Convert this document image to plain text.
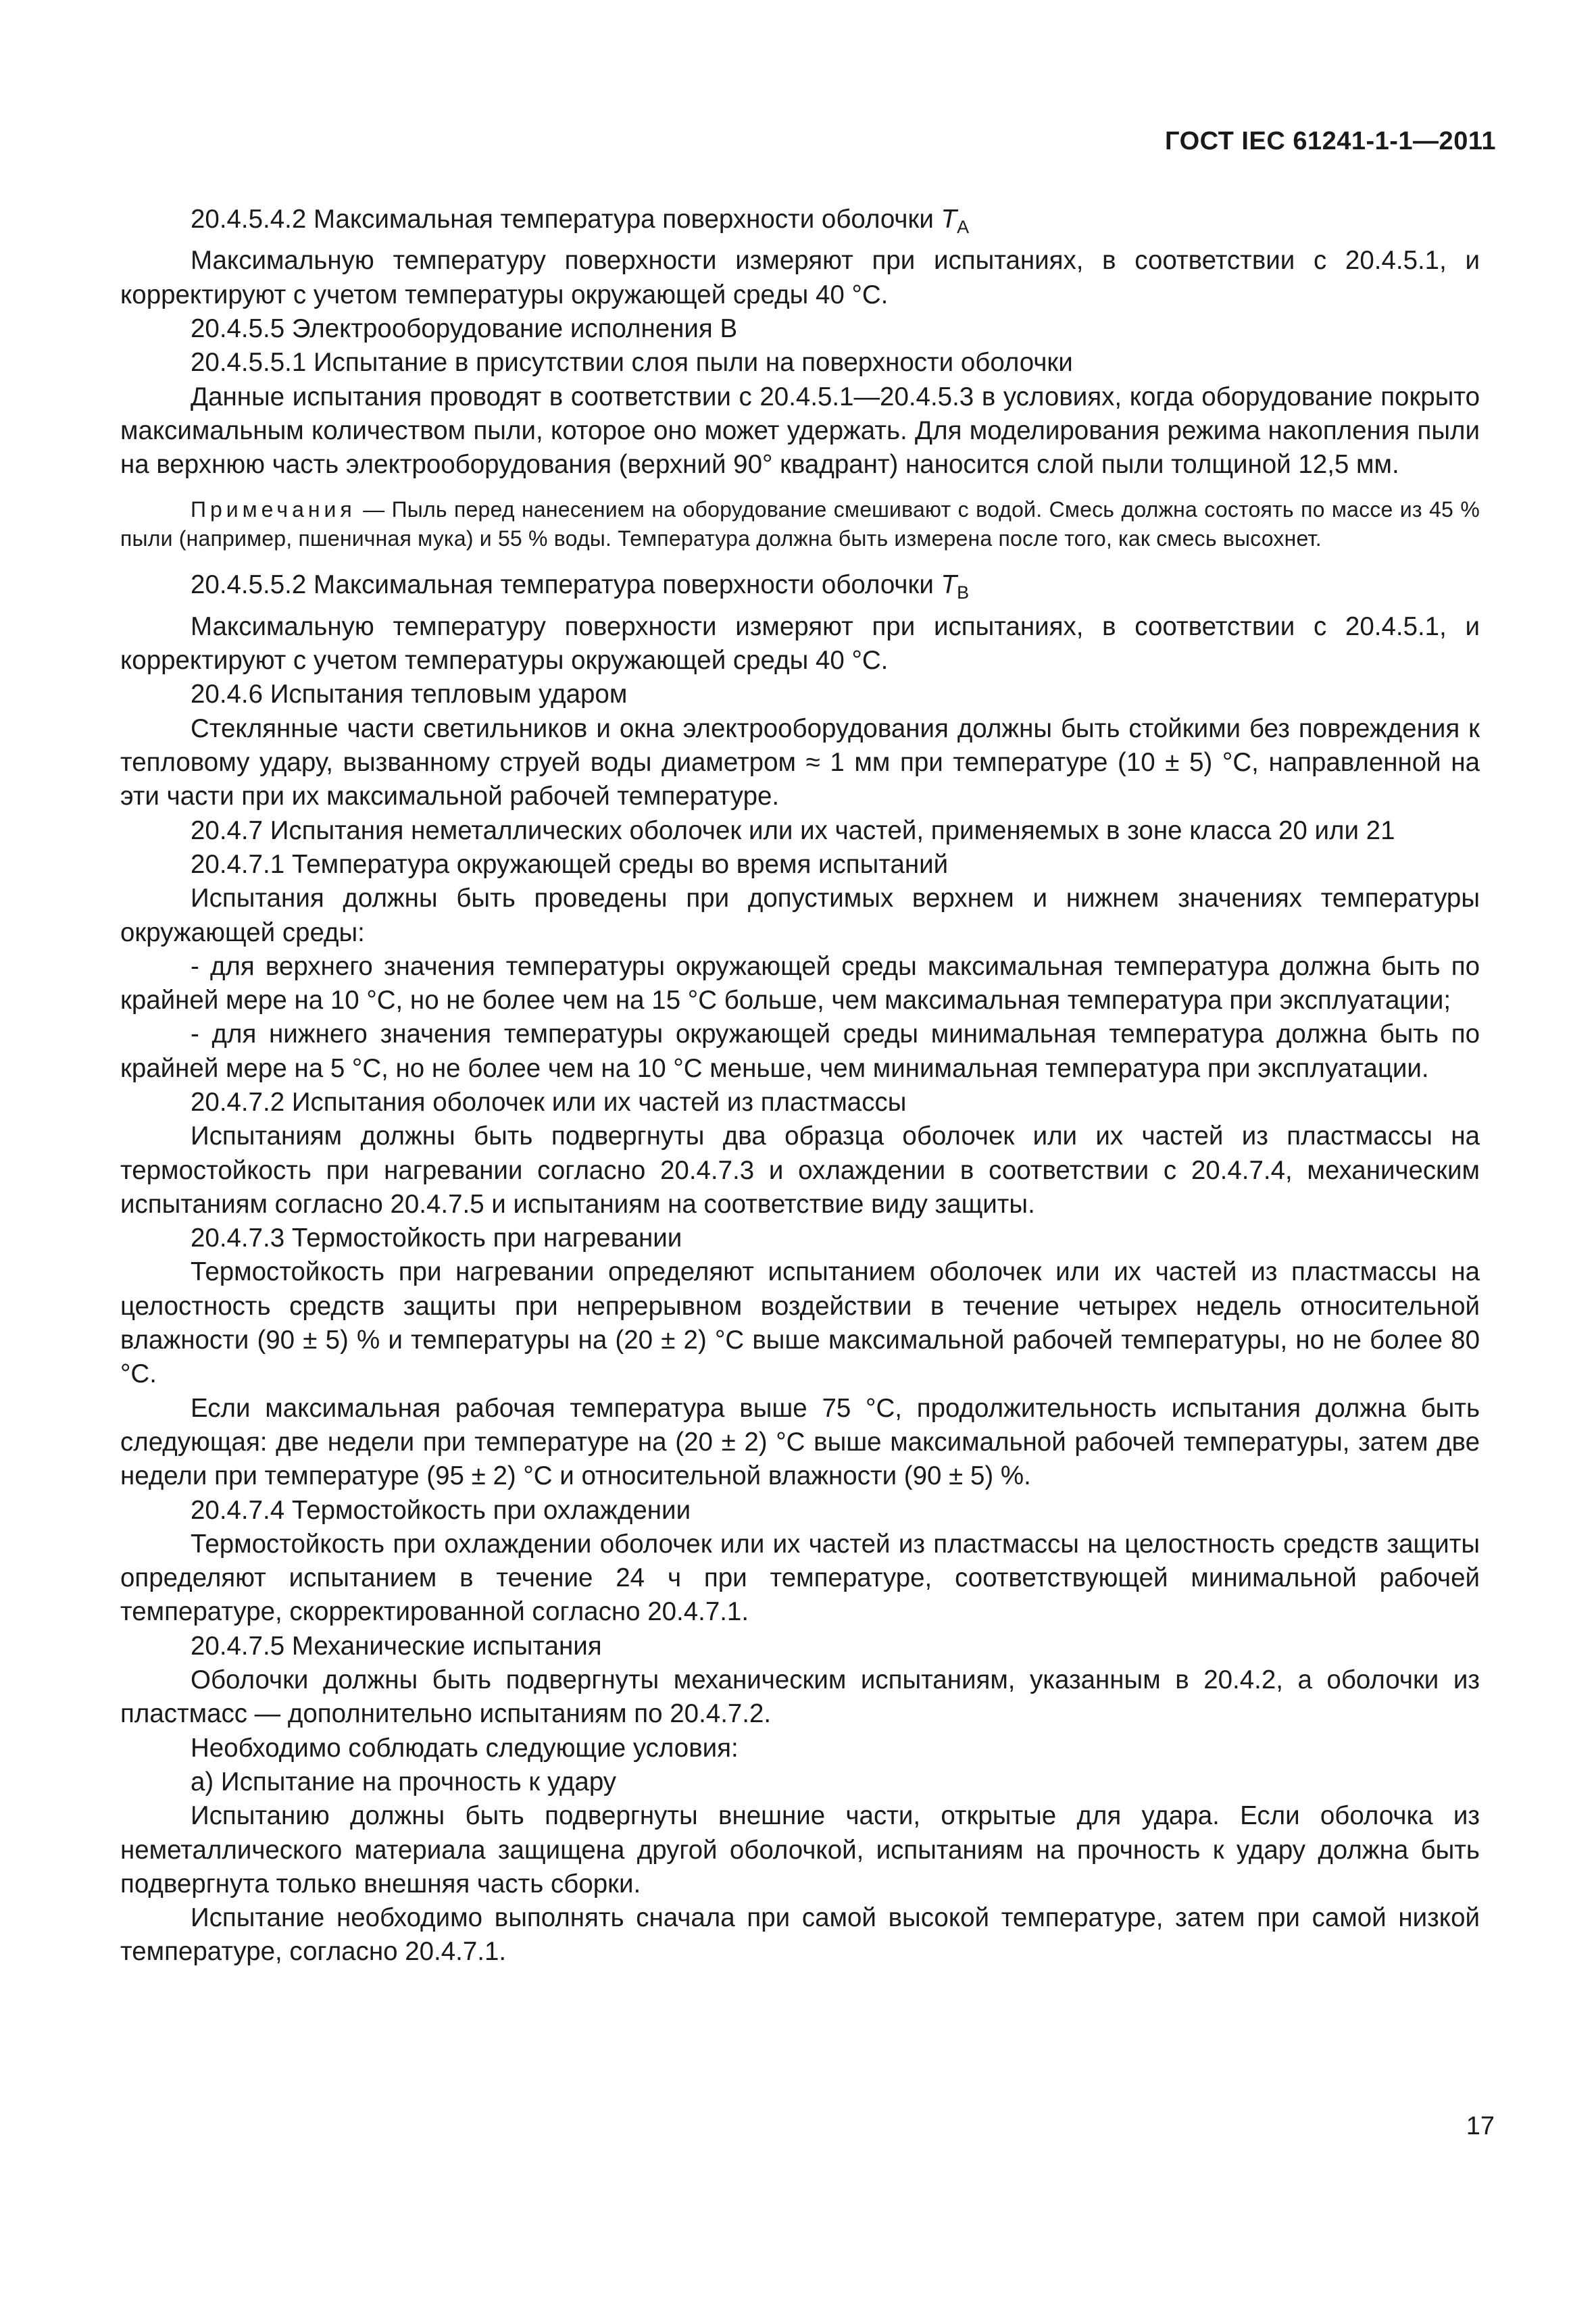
ГОСТ IEC 61241-1-1—2011

20.4.5.4.2 Максимальная температура поверхности оболочки $T_A$

Максимальную температуру поверхности измеряют при испытаниях, в соответствии с 20.4.5.1, и корректируют с учетом температуры окружающей среды 40 °С.

20.4.5.5 Электрооборудование исполнения В

20.4.5.5.1 Испытание в присутствии слоя пыли на поверхности оболочки

Данные испытания проводят в соответствии с 20.4.5.1—20.4.5.3 в условиях, когда оборудование покрыто максимальным количеством пыли, которое оно может удержать. Для моделирования режима накопления пыли на верхнюю часть электрооборудования (верхний 90° квадрант) наносится слой пыли толщиной 12,5 мм.

Примечания — Пыль перед нанесением на оборудование смешивают с водой. Смесь должна состоять по массе из 45 % пыли (например, пшеничная мука) и 55 % воды. Температура должна быть измерена после того, как смесь высохнет.

20.4.5.5.2 Максимальная температура поверхности оболочки $T_B$

Максимальную температуру поверхности измеряют при испытаниях, в соответствии с 20.4.5.1, и корректируют с учетом температуры окружающей среды 40 °С.

20.4.6 Испытания тепловым ударом

Стеклянные части светильников и окна электрооборудования должны быть стойкими без повреждения к тепловому удару, вызванному струей воды диаметром ≈ 1 мм при температуре (10 ± 5) °С, направленной на эти части при их максимальной рабочей температуре.

20.4.7 Испытания неметаллических оболочек или их частей, применяемых в зоне класса 20 или 21

20.4.7.1 Температура окружающей среды во время испытаний

Испытания должны быть проведены при допустимых верхнем и нижнем значениях температуры окружающей среды:

- для верхнего значения температуры окружающей среды максимальная температура должна быть по крайней мере на 10 °С, но не более чем на 15 °С больше, чем максимальная температура при эксплуатации;

- для нижнего значения температуры окружающей среды минимальная температура должна быть по крайней мере на 5 °С, но не более чем на 10 °С меньше, чем минимальная температура при эксплуатации.

20.4.7.2 Испытания оболочек или их частей из пластмассы

Испытаниям должны быть подвергнуты два образца оболочек или их частей из пластмассы на термостойкость при нагревании согласно 20.4.7.3 и охлаждении в соответствии с 20.4.7.4, механическим испытаниям согласно 20.4.7.5 и испытаниям на соответствие виду защиты.

20.4.7.3 Термостойкость при нагревании

Термостойкость при нагревании определяют испытанием оболочек или их частей из пластмассы на целостность средств защиты при непрерывном воздействии в течение четырех недель относительной влажности (90 ± 5) % и температуры на (20 ± 2) °С выше максимальной рабочей температуры, но не более 80 °С.

Если максимальная рабочая температура выше 75 °С, продолжительность испытания должна быть следующая: две недели при температуре на (20 ± 2) °С выше максимальной рабочей температуры, затем две недели при температуре (95 ± 2) °С и относительной влажности (90 ± 5) %.

20.4.7.4 Термостойкость при охлаждении

Термостойкость при охлаждении оболочек или их частей из пластмассы на целостность средств защиты определяют испытанием в течение 24 ч при температуре, соответствующей минимальной рабочей температуре, скорректированной согласно 20.4.7.1.

20.4.7.5 Механические испытания

Оболочки должны быть подвергнуты механическим испытаниям, указанным в 20.4.2, а оболочки из пластмасс — дополнительно испытаниям по 20.4.7.2.

Необходимо соблюдать следующие условия:

а) Испытание на прочность к удару

Испытанию должны быть подвергнуты внешние части, открытые для удара. Если оболочка из неметаллического материала защищена другой оболочкой, испытаниям на прочность к удару должна быть подвергнута только внешняя часть сборки.

Испытание необходимо выполнять сначала при самой высокой температуре, затем при самой низкой температуре, согласно 20.4.7.1.

17
